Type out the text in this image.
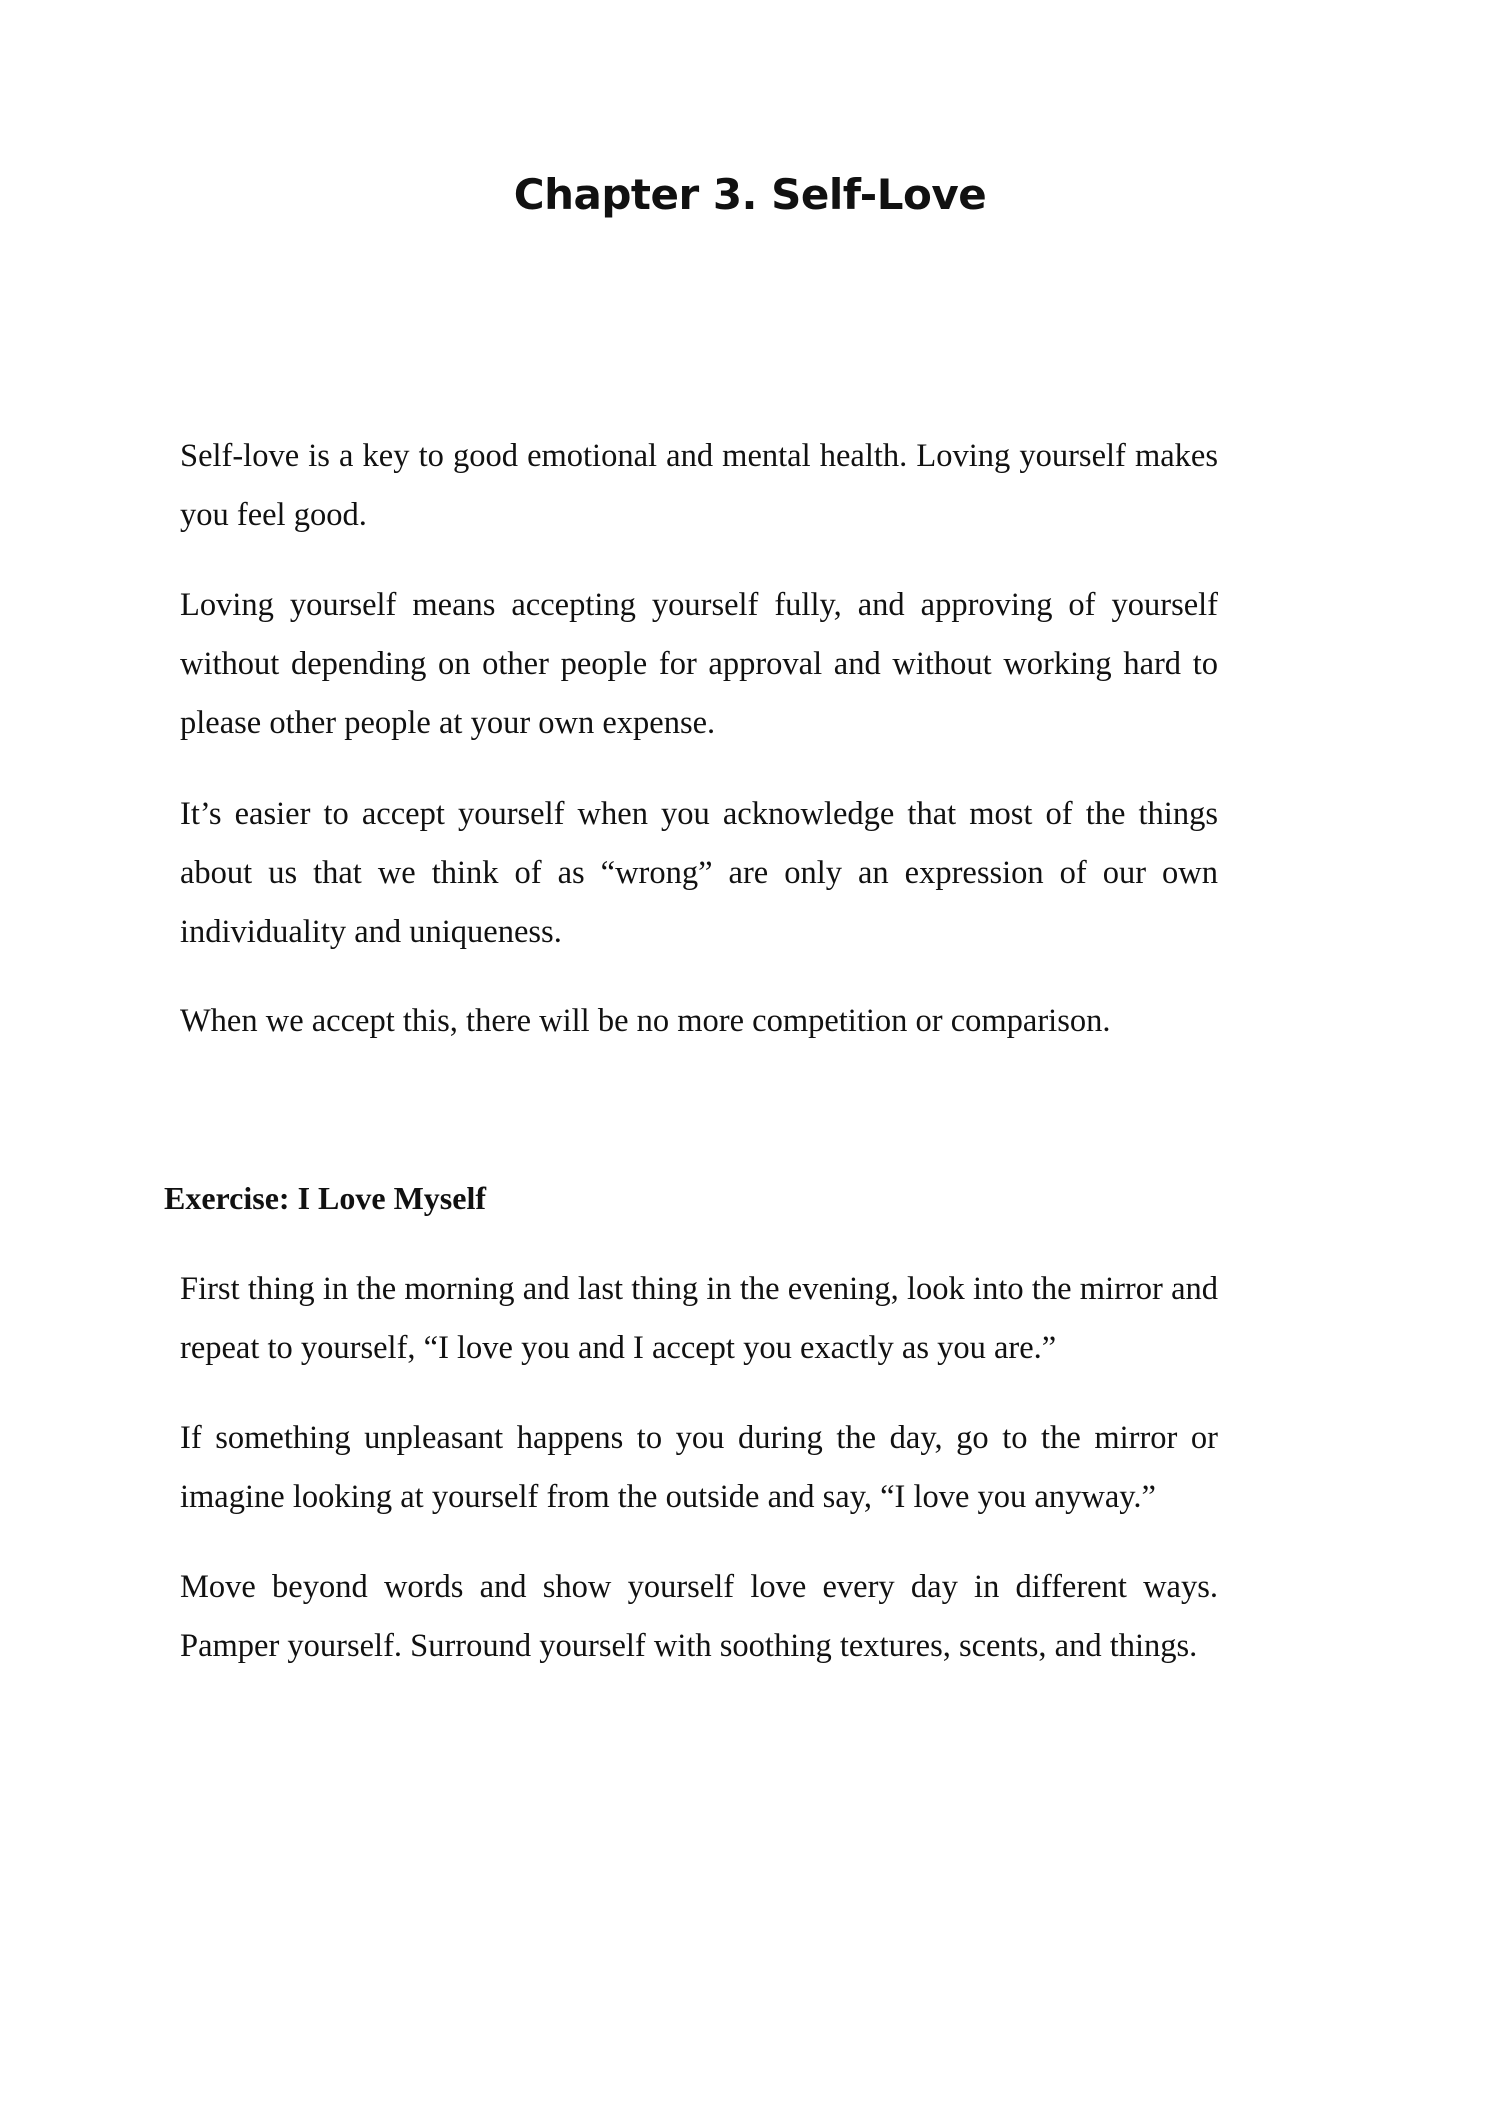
Chapter 3. Self-Love

Self-love is a key to good emotional and mental health. Loving yourself makes you feel good.

Loving yourself means accepting yourself fully, and approving of yourself without depending on other people for approval and without working hard to please other people at your own expense.

It’s easier to accept yourself when you acknowledge that most of the things about us that we think of as “wrong” are only an expression of our own individuality and uniqueness.

When we accept this, there will be no more competition or comparison.

Exercise: I Love Myself

First thing in the morning and last thing in the evening, look into the mirror and repeat to yourself, “I love you and I accept you exactly as you are.”

If something unpleasant happens to you during the day, go to the mirror or imagine looking at yourself from the outside and say, “I love you anyway.”

Move beyond words and show yourself love every day in different ways. Pamper yourself. Surround yourself with soothing textures, scents, and things.
